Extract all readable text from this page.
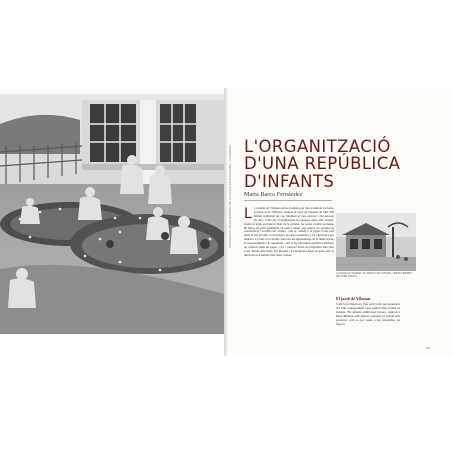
FOTOGRAFIA: ARXIU HISTÒRIC DE LA CIUTAT DE BARCELONA · VILADOMAT L'ORGANITZACIÓ
D'UNA REPÚBLICA
D'INFANTS
Marta Barco Fernández
L a colònia de Vilamar estava formada per deu pavellons de fusta, excepte el de l'Oficina, situada al barri de Vilassar de Mar. Els infants arribaven un cop finalitzat el curs escolar i s'hi estaven 20 dies. Cada dia s'organitzaven les tasques entre ells: netejar, cuidar el jardí, escriure al diari de la colònia, fer teatre i ballar sardanes. Hi havia un petit parlament de nens i nenes que votava les normes de convivència i escollia els càrrecs, com el consell o el jutjat. Cada torn tenia el seu alcalde, el seu jutge i els seus consellers, i tot s'aprovava per majoria. La vida a la colònia volia ser un aprenentatge de la democràcia, la responsabilitat i la solidaritat, com si fos una petita república d'infants on cadascú tenia un paper a fer i cadascú havia de respondre dels seus actes davant dels altres. Els mestres i les monitores feien de guia, però la iniciativa era sempre dels nens i nenes.
LA PLATJA DE VILAMAR I EL PAVELLÓ DE L'OFICINA, AMB ELS INFANTS DEL TORN D'ESTIU.
El jardí de Vilamar
Cada torn disposava d'un petit jardí que preparava des d'un començament i que cuidava fins al final de l'estada. Els infants sembraven llavors, regaven i feien dibuixos amb pedres i petxines al voltant dels parterres, com es pot veure a les fotografies de l'època.
19
